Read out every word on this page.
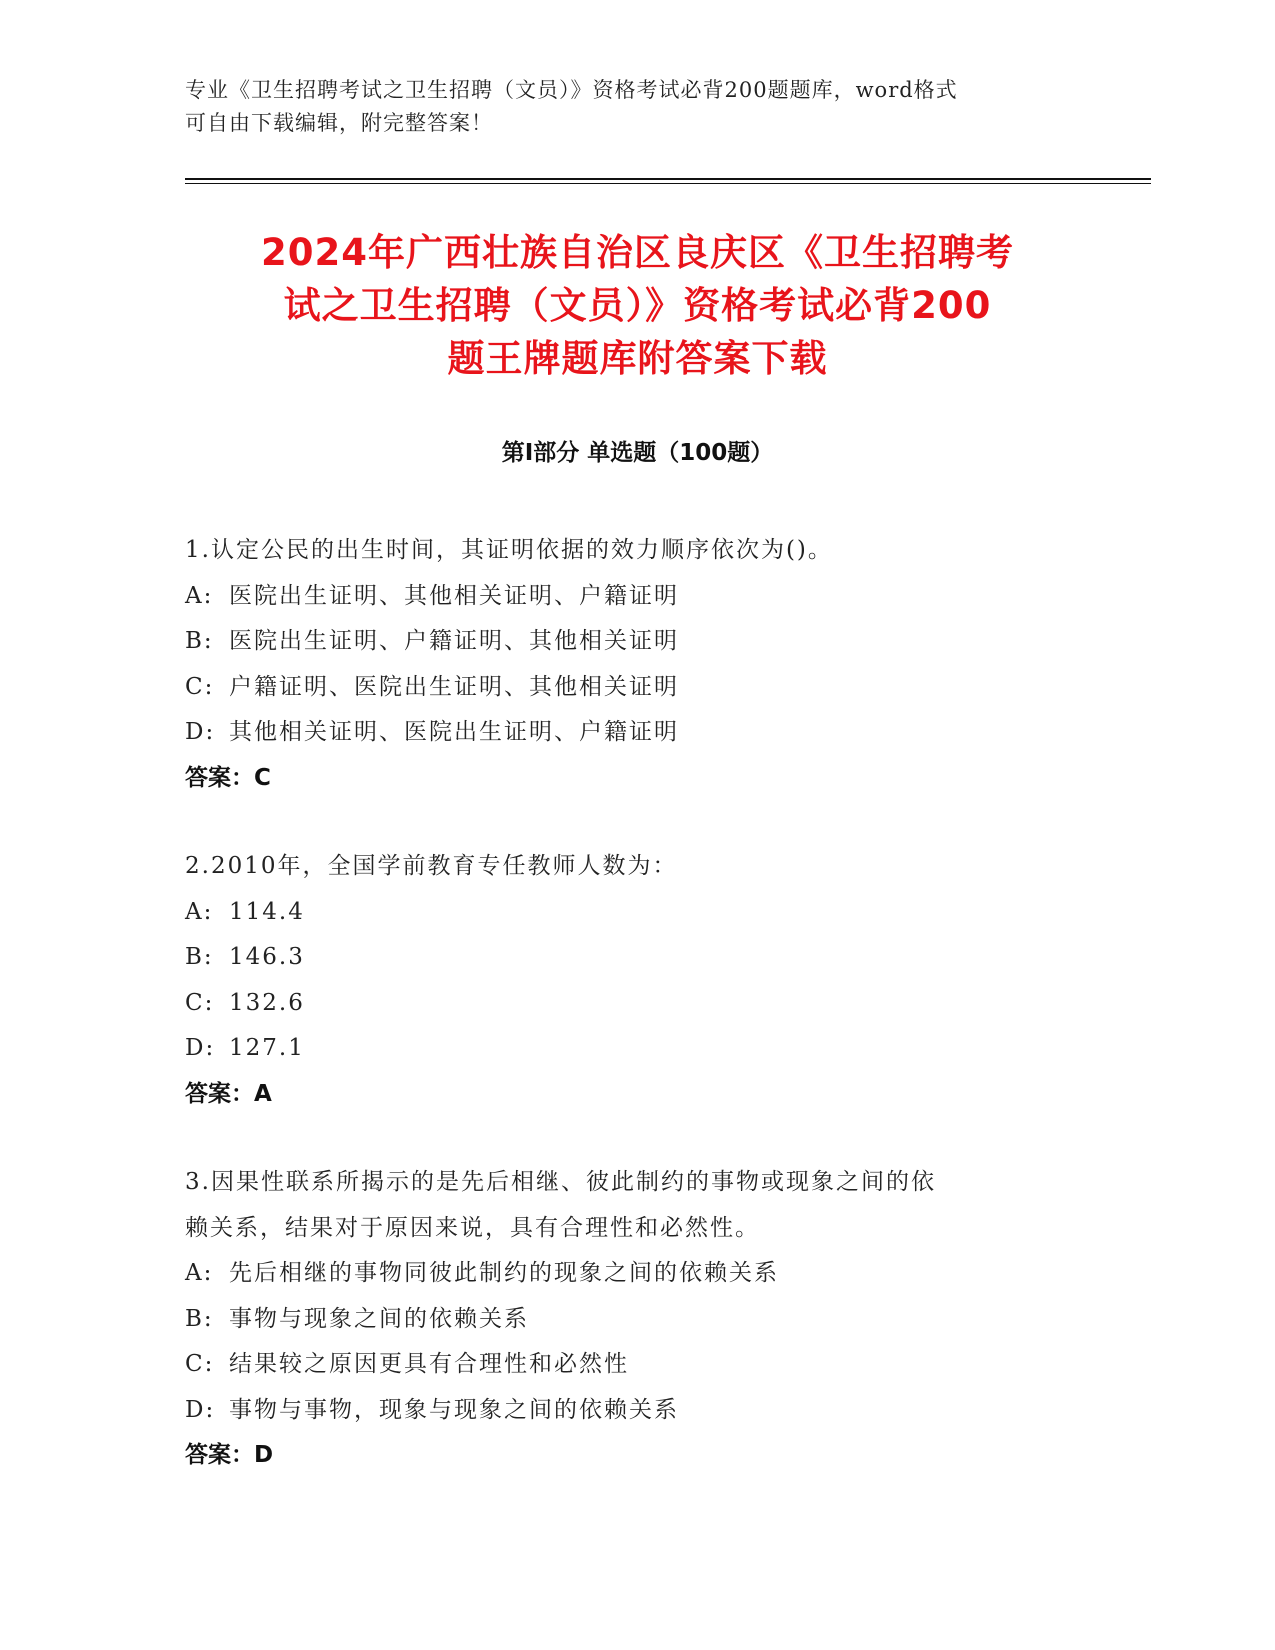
专业《卫生招聘考试之卫生招聘（文员）》资格考试必背200题题库，word格式
可自由下载编辑，附完整答案！
2024年广西壮族自治区良庆区《卫生招聘考
试之卫生招聘（文员）》资格考试必背200
题王牌题库附答案下载
第Ⅰ部分 单选题（100题）
1.认定公民的出生时间，其证明依据的效力顺序依次为()。
A: 医院出生证明、其他相关证明、户籍证明
B: 医院出生证明、户籍证明、其他相关证明
C: 户籍证明、医院出生证明、其他相关证明
D: 其他相关证明、医院出生证明、户籍证明
答案：C
2.2010年，全国学前教育专任教师人数为：
A: 114.4
B: 146.3
C: 132.6
D: 127.1
答案：A
3.因果性联系所揭示的是先后相继、彼此制约的事物或现象之间的依
赖关系，结果对于原因来说，具有合理性和必然性。
A: 先后相继的事物同彼此制约的现象之间的依赖关系
B: 事物与现象之间的依赖关系
C: 结果较之原因更具有合理性和必然性
D: 事物与事物，现象与现象之间的依赖关系
答案：D
